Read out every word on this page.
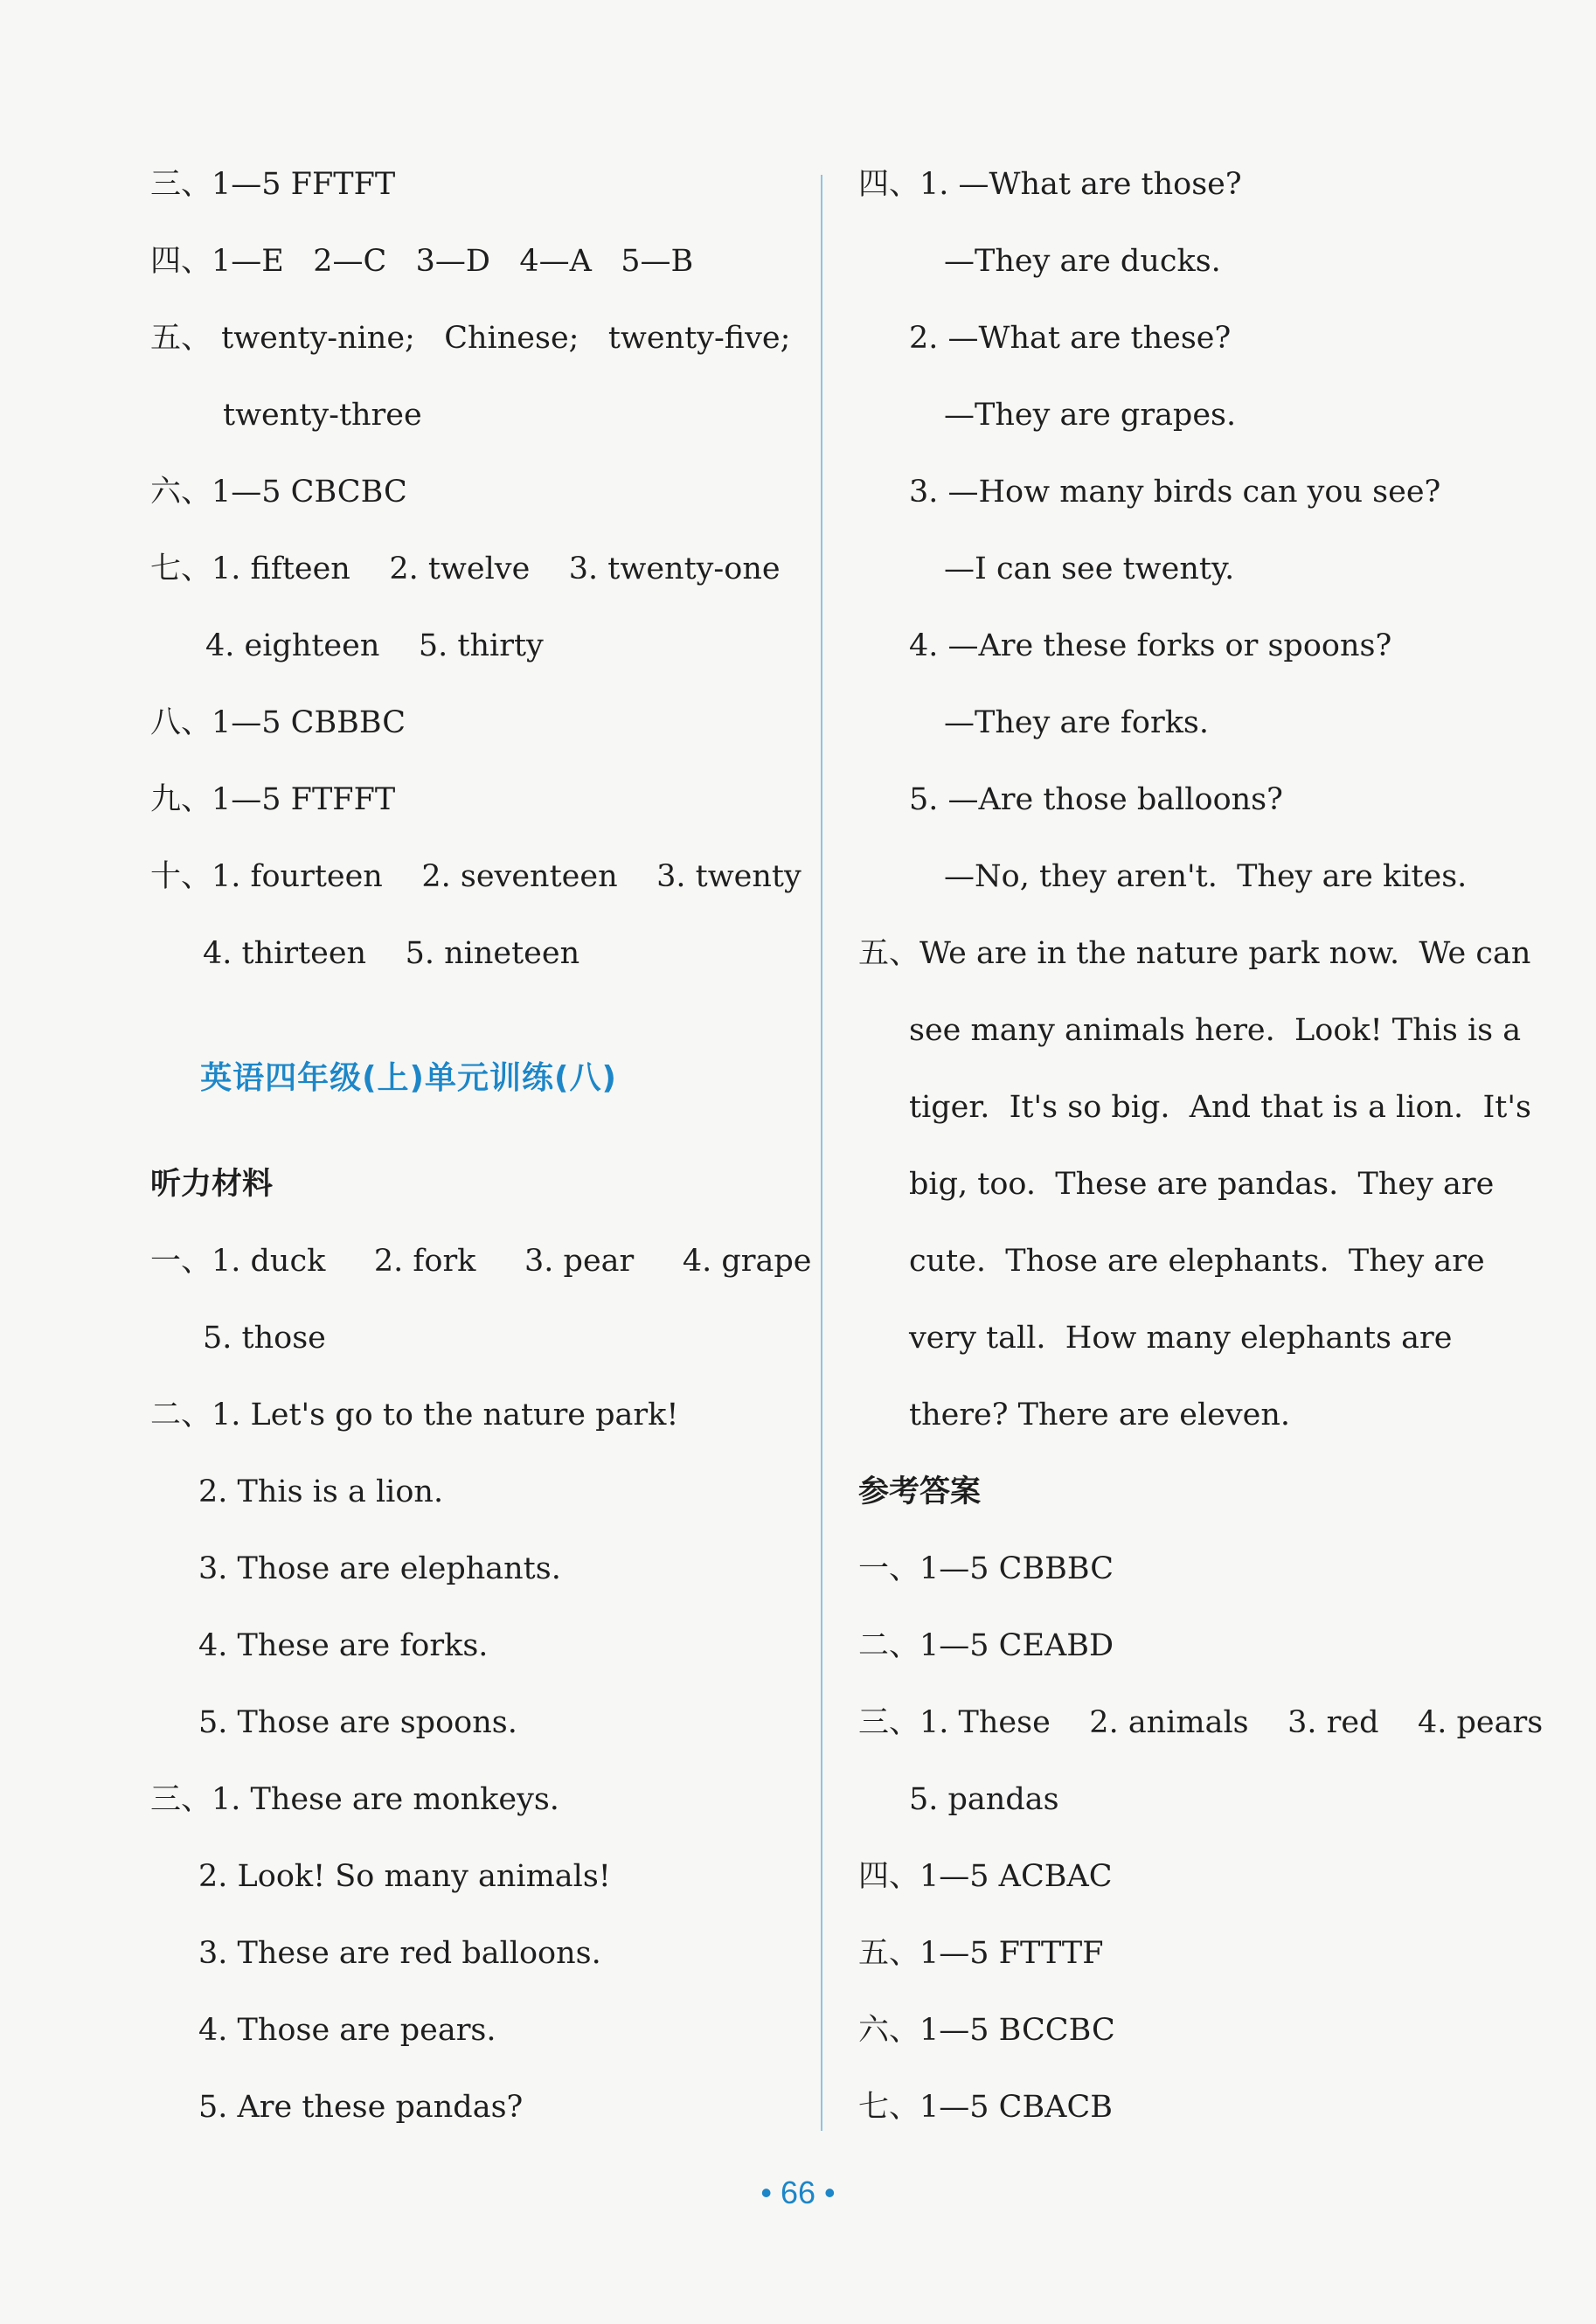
三、1—5 FFTFT
四、1—E   2—C   3—D   4—A   5—B
五、 twenty-nine;   Chinese;   twenty-five;
twenty-three
六、1—5 CBCBC
七、1. fifteen    2. twelve    3. twenty-one
4. eighteen    5. thirty
八、1—5 CBBBC
九、1—5 FTFFT
十、1. fourteen    2. seventeen    3. twenty
4. thirteen    5. nineteen
英语四年级(上)单元训练(八)
听力材料
一、1. duck     2. fork     3. pear     4. grape
5. those
二、1. Let's go to the nature park!
2. This is a lion.
3. Those are elephants.
4. These are forks.
5. Those are spoons.
三、1. These are monkeys.
2. Look! So many animals!
3. These are red balloons.
4. Those are pears.
5. Are these pandas?
四、1. —What are those?
—They are ducks.
2. —What are these?
—They are grapes.
3. —How many birds can you see?
—I can see twenty.
4. —Are these forks or spoons?
—They are forks.
5. —Are those balloons?
—No, they aren't.  They are kites.
五、We are in the nature park now.  We can
see many animals here.  Look! This is a
tiger.  It's so big.  And that is a lion.  It's
big, too.  These are pandas.  They are
cute.  Those are elephants.  They are
very tall.  How many elephants are
there? There are eleven.
参考答案
一、1—5 CBBBC
二、1—5 CEABD
三、1. These    2. animals    3. red    4. pears
5. pandas
四、1—5 ACBAC
五、1—5 FTTTF
六、1—5 BCCBC
七、1—5 CBACB
• 66 •
